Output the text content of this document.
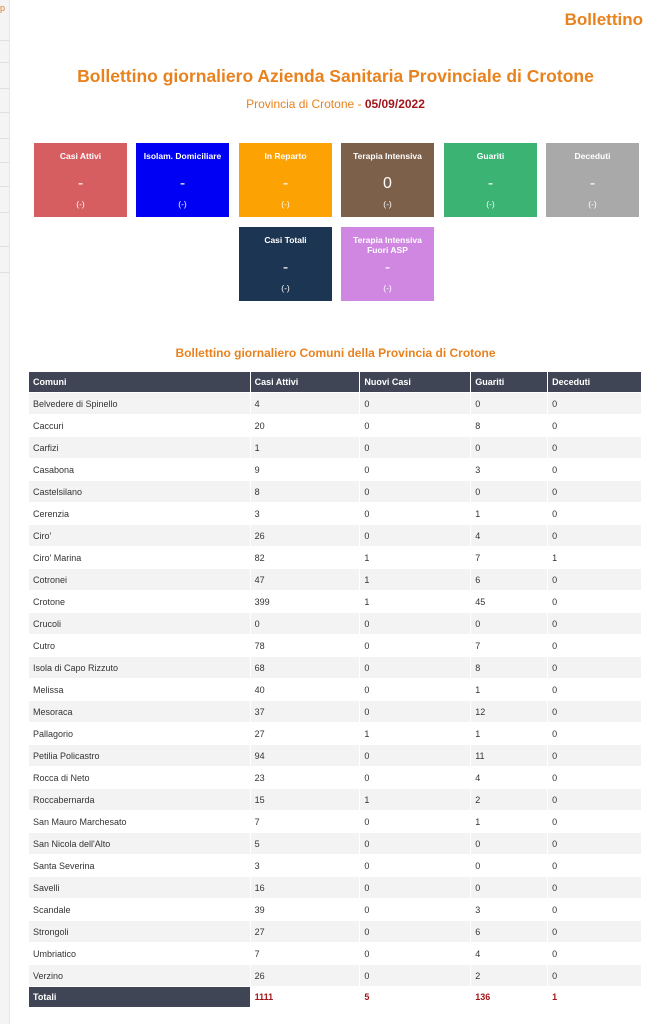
p
Bollettino
Bollettino giornaliero Azienda Sanitaria Provinciale di Crotone
Provincia di Crotone - 05/09/2022
Casi Attivi
-
(-)
Isolam. Domiciliare
-
(-)
In Reparto
-
(-)
Terapia Intensiva
0
(-)
Guariti
-
(-)
Deceduti
-
(-)
Casi Totali
-
(-)
Terapia Intensiva Fuori ASP
-
(-)
Bollettino giornaliero Comuni della Provincia di Crotone
Comuni	Casi Attivi	Nuovi Casi	Guariti	Deceduti
Belvedere di Spinello	4	0	0	0
Caccuri	20	0	8	0
Carfizi	1	0	0	0
Casabona	9	0	3	0
Castelsilano	8	0	0	0
Cerenzia	3	0	1	0
Ciro'	26	0	4	0
Ciro' Marina	82	1	7	1
Cotronei	47	1	6	0
Crotone	399	1	45	0
Crucoli	0	0	0	0
Cutro	78	0	7	0
Isola di Capo Rizzuto	68	0	8	0
Melissa	40	0	1	0
Mesoraca	37	0	12	0
Pallagorio	27	1	1	0
Petilia Policastro	94	0	11	0
Rocca di Neto	23	0	4	0
Roccabernarda	15	1	2	0
San Mauro Marchesato	7	0	1	0
San Nicola dell'Alto	5	0	0	0
Santa Severina	3	0	0	0
Savelli	16	0	0	0
Scandale	39	0	3	0
Strongoli	27	0	6	0
Umbriatico	7	0	4	0
Verzino	26	0	2	0
Totali	1111	5	136	1
